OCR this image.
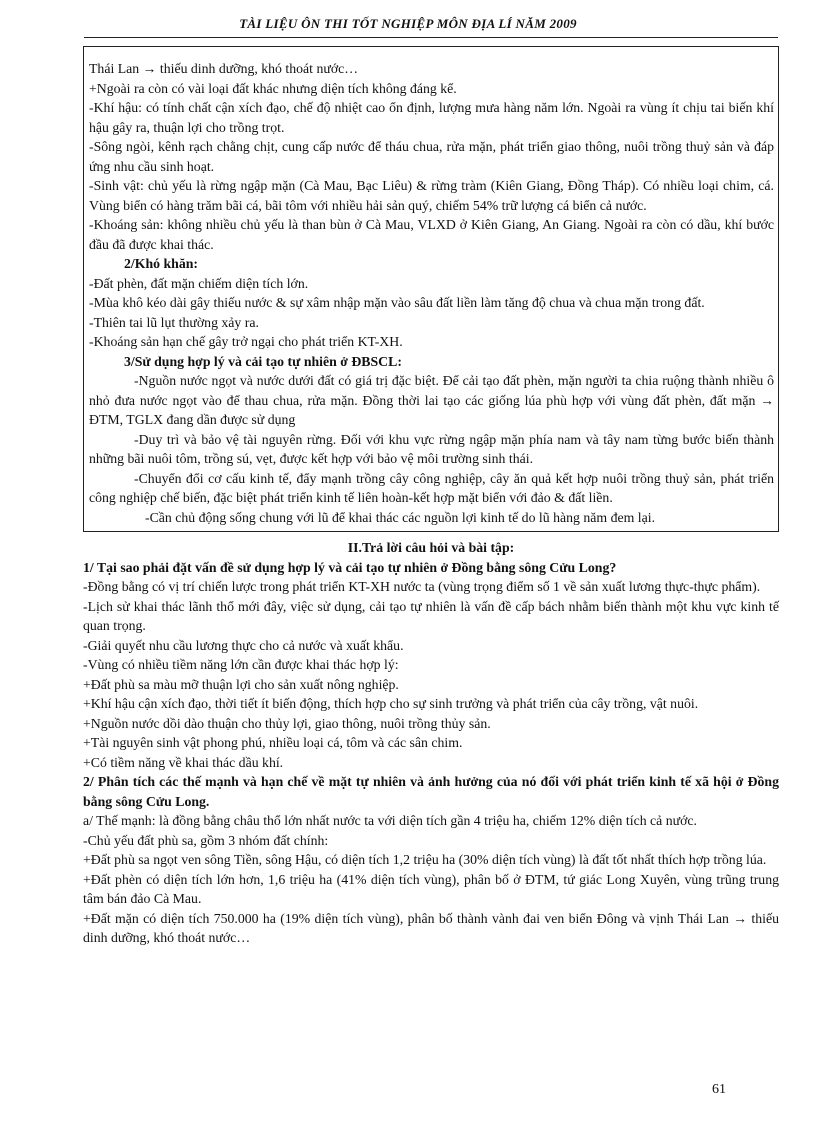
TÀI LIỆU ÔN THI TỐT NGHIỆP MÔN ĐỊA LÍ NĂM 2009

Thái Lan → thiếu dinh dưỡng, khó thoát nước…

+Ngoài ra còn có vài loại đất khác nhưng diện tích không đáng kể.

-Khí hậu: có tính chất cận xích đạo, chế độ nhiệt cao ổn định, lượng mưa hàng năm lớn. Ngoài ra vùng ít chịu tai biến khí hậu gây ra, thuận lợi cho trồng trọt.

-Sông ngòi, kênh rạch chằng chịt, cung cấp nước để tháu chua, rửa mặn, phát triển giao thông, nuôi trồng thuỷ sản và đáp ứng nhu cầu sinh hoạt.

-Sinh vật: chủ yếu là rừng ngập mặn (Cà Mau, Bạc Liêu) & rừng tràm (Kiên Giang, Đồng Tháp). Có nhiều loại chim, cá. Vùng biển có hàng trăm bãi cá, bãi tôm với nhiều hải sản quý, chiếm 54% trữ lượng cá biển cả nước.

-Khoáng sản: không nhiều chủ yếu là than bùn ở Cà Mau, VLXD ở Kiên Giang, An Giang. Ngoài ra còn có dầu, khí bước đầu đã được khai thác.

2/Khó khăn:

-Đất phèn, đất mặn chiếm diện tích lớn.

-Mùa khô kéo dài gây thiếu nước & sự xâm nhập mặn vào sâu đất liền làm tăng độ chua và chua mặn trong đất.

-Thiên tai lũ lụt thường xảy ra.

-Khoáng sản hạn chế gây trở ngại cho phát triển KT-XH.

3/Sử dụng hợp lý và cải tạo tự nhiên ở ĐBSCL:

-Nguồn nước ngọt và nước dưới đất có giá trị đặc biệt. Để cải tạo đất phèn, mặn người ta chia ruộng thành nhiều ô nhỏ đưa nước ngọt vào để thau chua, rửa mặn. Đồng thời lai tạo các giống lúa phù hợp với vùng đất phèn, đất mặn → ĐTM, TGLX đang dần được sử dụng

-Duy trì và bảo vệ tài nguyên rừng. Đối với khu vực rừng ngập mặn phía nam và tây nam từng bước biến thành những bãi nuôi tôm, trồng sú, vẹt, được kết hợp với bảo vệ môi trường sinh thái.

-Chuyển đổi cơ cấu kinh tế, đẩy mạnh trồng cây công nghiệp, cây ăn quả kết hợp nuôi trồng thuỷ sản, phát triển công nghiệp chế biến, đặc biệt phát triển kinh tế liên hoàn-kết hợp mặt biển với đảo & đất liền.

-Cần chủ động sống chung với lũ để khai thác các nguồn lợi kinh tế do lũ hàng năm đem lại.

II.Trả lời câu hỏi và bài tập:

1/ Tại sao phải đặt vấn đề sử dụng hợp lý và cải tạo tự nhiên ở Đồng bằng sông Cửu Long?

-Đồng bằng có vị trí chiến lược trong phát triển KT-XH nước ta (vùng trọng điểm số 1 về sản xuất lương thực-thực phẩm).

-Lịch sử khai thác lãnh thổ mới đây, việc sử dụng, cải tạo tự nhiên là vấn đề cấp bách nhằm biến thành một khu vực kinh tế quan trọng.

-Giải quyết nhu cầu lương thực cho cả nước và xuất khẩu.

-Vùng có nhiều tiềm năng lớn cần được khai thác hợp lý:

+Đất phù sa màu mỡ thuận lợi cho sản xuất nông nghiệp.

+Khí hậu cận xích đạo, thời tiết ít biến động, thích hợp cho sự sinh trưởng và phát triển của cây trồng, vật nuôi.

+Nguồn nước dồi dào thuận cho thủy lợi, giao thông, nuôi trồng thủy sản.

+Tài nguyên sinh vật phong phú, nhiều loại cá, tôm và các sân chim.

+Có tiềm năng về khai thác dầu khí.

2/ Phân tích các thế mạnh và hạn chế về mặt tự nhiên và ảnh hưởng của nó đối với phát triển kinh tế xã hội ở Đồng bằng sông Cửu Long.

a/ Thế mạnh: là đồng bằng châu thổ lớn nhất nước ta với diện tích gần 4 triệu ha, chiếm 12% diện tích cả nước.

-Chủ yếu đất phù sa, gồm 3 nhóm đất chính:

+Đất phù sa ngọt ven sông Tiền, sông Hậu, có diện tích 1,2 triệu ha (30% diện tích vùng) là đất tốt nhất thích hợp trồng lúa.

+Đất phèn có diện tích lớn hơn, 1,6 triệu ha (41% diện tích vùng), phân bố ở ĐTM, tứ giác Long Xuyên, vùng trũng trung tâm bán đảo Cà Mau.

+Đất mặn có diện tích 750.000 ha (19% diện tích vùng), phân bố thành vành đai ven biển Đông và vịnh Thái Lan → thiếu dinh dưỡng, khó thoát nước…

61
